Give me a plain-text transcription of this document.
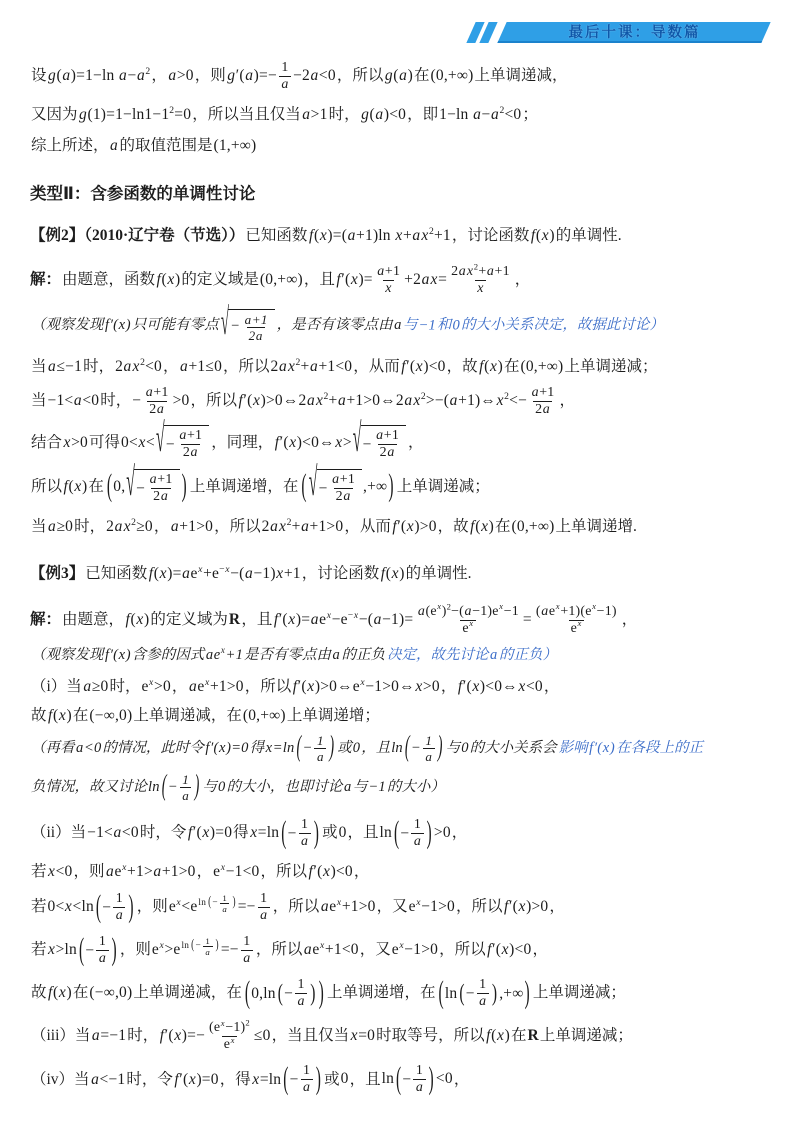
最后十课：导数篇
设g(a)=1−ln $a-a^2$，a>0，则$g'(a)=- \frac{1}{a} -2a<0$，所以g(a)在(0,+∞)上单调递减，
又因为$g(1)=1-\ln 1-1^2=0$，所以当且仅当a>1时，g(a)<0，即1−ln $a-a^2<0$；
综上所述，a的取值范围是(1,+∞)
类型Ⅱ：含参函数的单调性讨论
【例2】（2010·辽宁卷（节选））已知函数f(x)=(a+1)ln $x+ax^2+1$，讨论函数f(x)的单调性.
解：由题意，函数f(x)的定义域是(0,+∞)，且$f'(x)= \frac{a+1}{x} +2ax= \frac{2ax^2+a+1}{x}$ ，
（观察发现 f′(x)只可能有零点 √ − $\frac{a+1}{2a}$ ，是否有该零点由 a 与−1和0的大小关系决定，故据此讨论）
当a≤−1时，$2ax^2<0$，a+1≤0，所以$2ax^2+a+1<0$，从而f′(x)<0，故f(x)在(0,+∞)上单调递减；
当−1<a<0时，− $\frac{a+1}{2a} >0$，所以$f'(x)>0\Leftrightarrow 2ax^2+a+1>0\Leftrightarrow 2ax^2>-(a+1)\Leftrightarrow x^2<- \frac{a+1}{2a}$ ，
结合x>0可得0<x< √ − $\frac{a+1}{2a}$ ，同理，f′(x)<0⇔x> √ − $\frac{a+1}{2a}$ ，
所以f(x)在 ( 0, √ − $\frac{a+1}{2a}$ ) 上单调递增，在 ( √ − $\frac{a+1}{2a}$ ,+∞ ) 上单调递减；
当a≥0时，$2ax^2\ge 0$，a+1>0，所以$2ax^2+a+1>0$，从而f′(x)>0，故f(x)在(0,+∞)上单调递增.
【例3】已知函数$f(x)=ae^x+e^{-x}-(a-1)x+1$，讨论函数f(x)的单调性.
解：由题意，f(x)的定义域为R，且$f'(x)=ae^x-e^{-x}-(a-1)= \frac{a(e^x)^2-(a-1)e^x-1}{e^x} = \frac{(ae^x+1)(e^x-1)}{e^x}$ ，
（观察发现 f′(x)含参的因式 $ae^x+1$是否有零点由 a 的正负 决定，故先讨论 a 的正负）
（i）当a≥0时，$e^x>0$，$ae^x+1>0$，所以$f'(x)>0\Leftrightarrow e^x-1>0\Leftrightarrow x>0$，f′(x)<0⇔x<0，
故f(x)在(−∞,0)上单调递减，在(0,+∞)上单调递增；
（再看 a<0的情况，此时令 f′(x)=0得 x=ln ( − $\frac{1}{a}$ ) 或0，且ln ( − $\frac{1}{a}$ ) 与0的大小关系会 影响 f′(x)在各段上的正
负情况，故又讨论ln ( − $\frac{1}{a}$ ) 与0的大小，也即讨论 a 与−1的大小）
（ii）当−1<a<0时，令f′(x)=0得x=ln ( − $\frac{1}{a}$ ) 或0，且ln ( − $\frac{1}{a}$ ) >0，
若x<0，则$ae^x+1>a+1>0$，$e^x-1<0$，所以f′(x)<0，
若0<x<ln ( − $\frac{1}{a}$ ) ，则$e^x< e$ ln ( − $\frac{1}{a}$ ) =− $\frac{1}{a}$ ，所以$ae^x+1>0$，又$e^x-1>0$，所以f′(x)>0，
若x>ln ( − $\frac{1}{a}$ ) ，则$e^x> e$ ln ( − $\frac{1}{a}$ ) =− $\frac{1}{a}$ ，所以$ae^x+1<0$，又$e^x-1>0$，所以f′(x)<0，
故f(x)在(−∞,0)上单调递减，在 ( 0,ln ( − $\frac{1}{a}$ ) ) 上单调递增，在 ( ln ( − $\frac{1}{a}$ ) ,+∞ ) 上单调递减；
（iii）当a=−1时，$f'(x)=- \frac{(e^x-1)^2}{e^x} \le 0$，当且仅当x=0时取等号，所以f(x)在R上单调递减；
（iv）当a<−1时，令f′(x)=0，得x=ln ( − $\frac{1}{a}$ ) 或0，且ln ( − $\frac{1}{a}$ ) <0，
